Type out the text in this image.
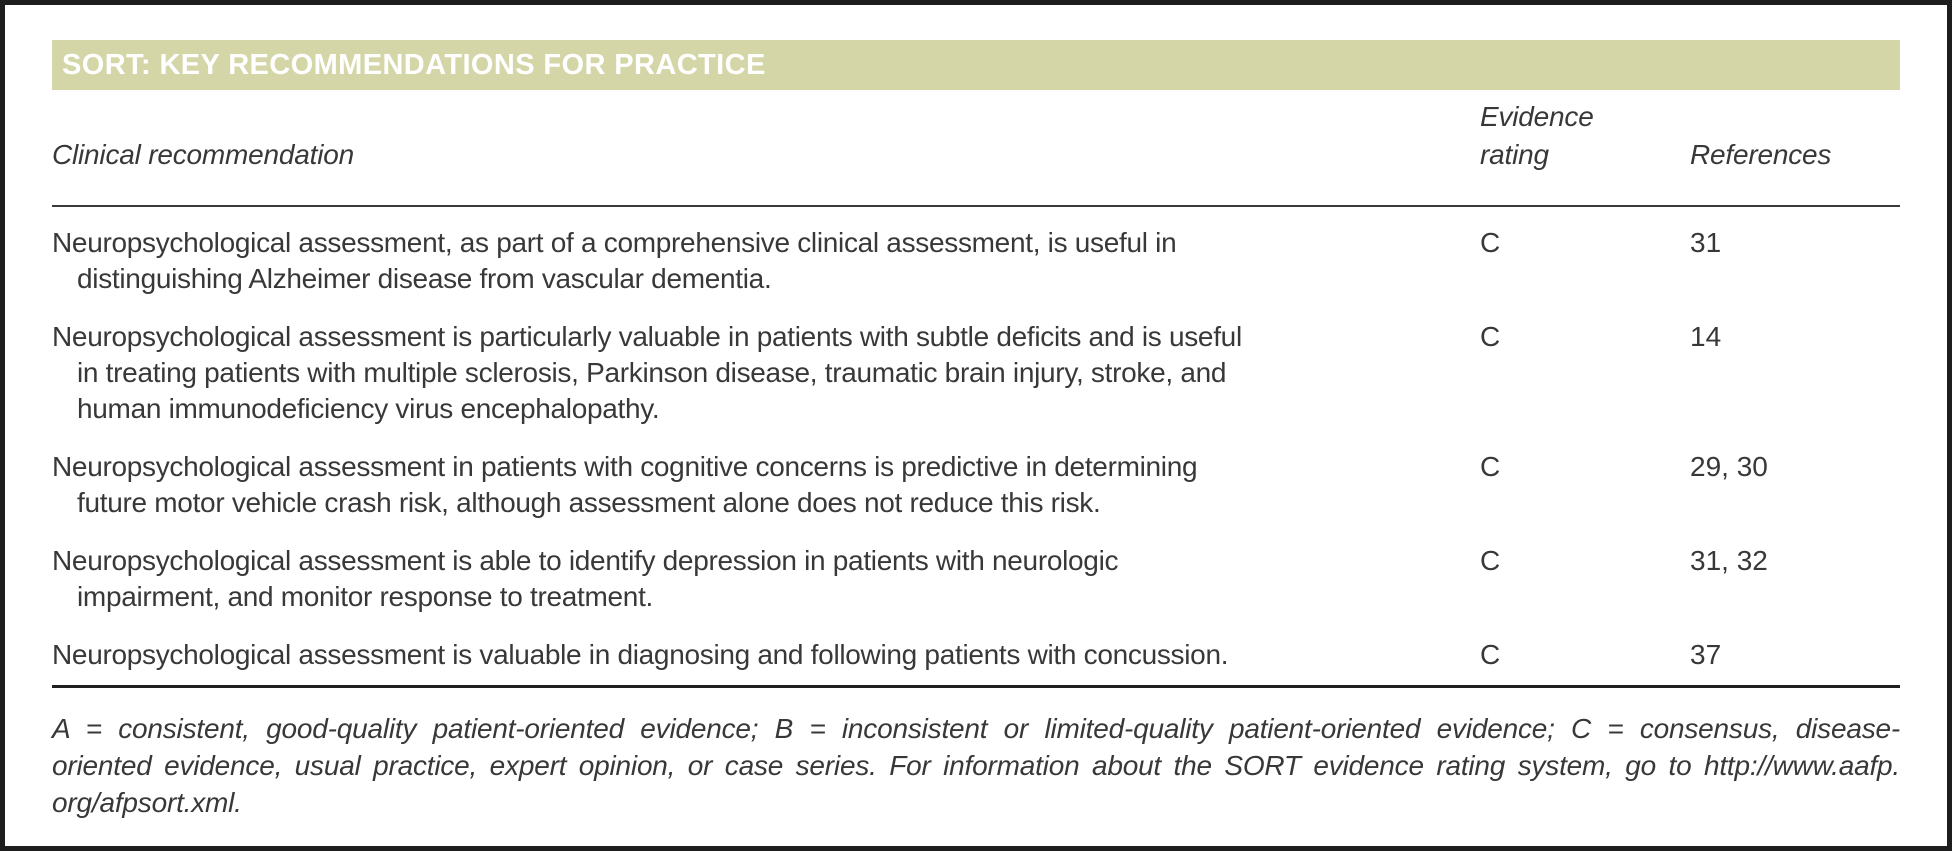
SORT: KEY RECOMMENDATIONS FOR PRACTICE
Clinical recommendation
Evidence rating	References
Neuropsychological assessment, as part of a comprehensive clinical assessment, is useful in
distinguishing Alzheimer disease from vascular dementia.
C	31
Neuropsychological assessment is particularly valuable in patients with subtle deficits and is useful
in treating patients with multiple sclerosis, Parkinson disease, traumatic brain injury, stroke, and
human immunodeficiency virus encephalopathy.
C	14
Neuropsychological assessment in patients with cognitive concerns is predictive in determining
future motor vehicle crash risk, although assessment alone does not reduce this risk.
C	29, 30
Neuropsychological assessment is able to identify depression in patients with neurologic
impairment, and monitor response to treatment.
C	31, 32
Neuropsychological assessment is valuable in diagnosing and following patients with concussion.	C	37
A = consistent, good-quality patient-oriented evidence; B = inconsistent or limited-quality patient-oriented evidence; C = consensus, disease-
oriented evidence, usual practice, expert opinion, or case series. For information about the SORT evidence rating system, go to http://www.aafp.
org/afpsort.xml.
